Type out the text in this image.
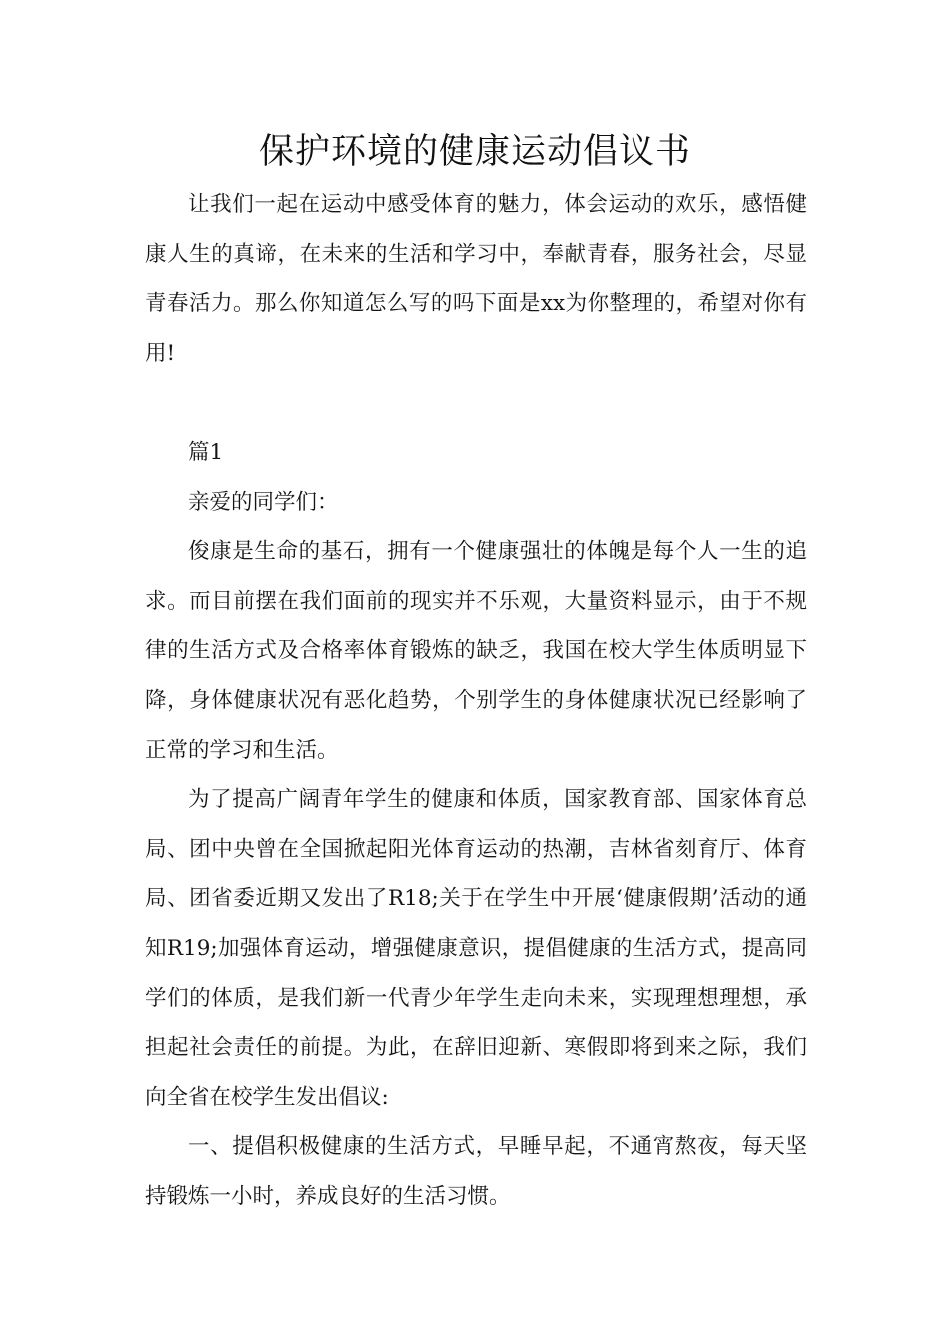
保护环境的健康运动倡议书

让我们一起在运动中感受体育的魅力，体会运动的欢乐，感悟健康人生的真谛，在未来的生活和学习中，奉献青春，服务社会，尽显青春活力。那么你知道怎么写的吗下面是xx为你整理的，希望对你有用!

篇1

亲爱的同学们：

俊康是生命的基石，拥有一个健康强壮的体魄是每个人一生的追求。而目前摆在我们面前的现实并不乐观，大量资料显示，由于不规律的生活方式及合格率体育锻炼的缺乏，我国在校大学生体质明显下降，身体健康状况有恶化趋势，个别学生的身体健康状况已经影响了正常的学习和生活。

为了提高广阔青年学生的健康和体质，国家教育部、国家体育总局、团中央曾在全国掀起阳光体育运动的热潮，吉林省刻育厅、体育局、团省委近期又发出了R18;关于在学生中开展‘健康假期’活动的通知R19;加强体育运动，增强健康意识，提倡健康的生活方式，提高同学们的体质，是我们新一代青少年学生走向未来，实现理想理想，承担起社会责任的前提。为此，在辞旧迎新、寒假即将到来之际，我们向全省在校学生发出倡议:

一、提倡积极健康的生活方式，早睡早起，不通宵熬夜，每天坚持锻炼一小时，养成良好的生活习惯。
